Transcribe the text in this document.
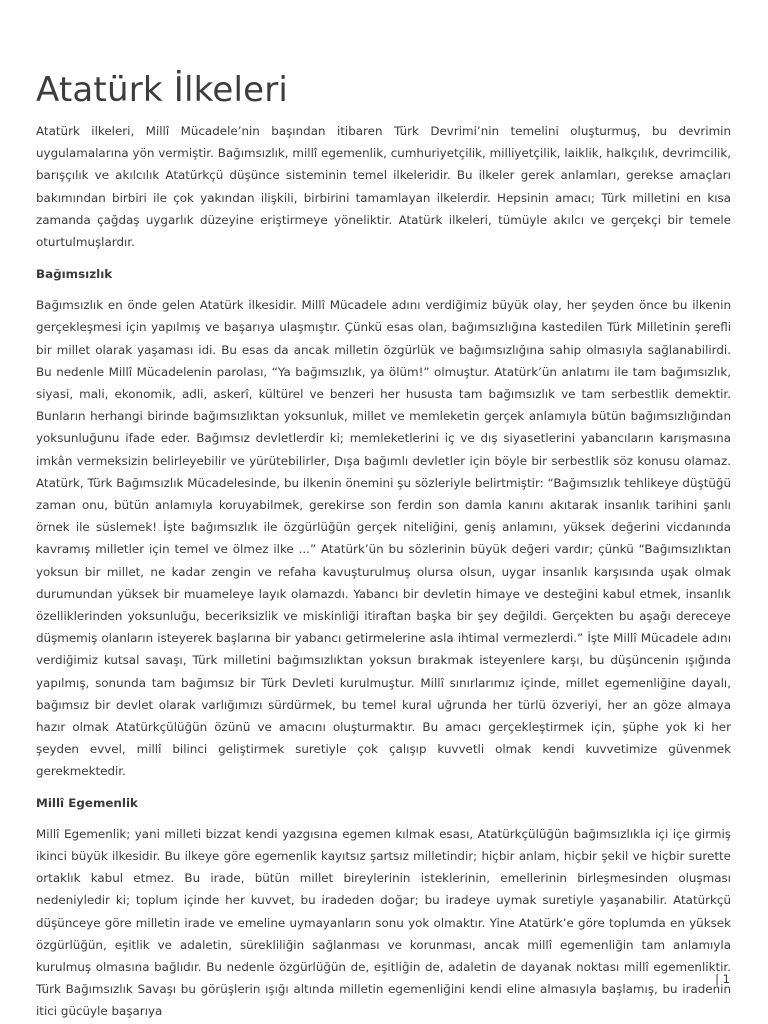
Atatürk İlkeleri

Atatürk ilkeleri, Millî Mücadele’nin başından itibaren Türk Devrimi’nin temelini oluşturmuş, bu devrimin uygulamalarına yön vermiştir. Bağımsızlık, millî egemenlik, cumhuriyetçilik, milliyetçilik, laiklik, halkçılık, devrimcilik, barışçılık ve akılcılık Atatürkçü düşünce sisteminin temel ilkeleridir. Bu ilkeler gerek anlamları, gerekse amaçları bakımından birbiri ile çok yakından ilişkili, birbirini tamamlayan ilkelerdir. Hepsinin amacı; Türk milletini en kısa zamanda çağdaş uygarlık düzeyine eriştirmeye yöneliktir. Atatürk ilkeleri, tümüyle akılcı ve gerçekçi bir temele oturtulmuşlardır.

Bağımsızlık

Bağımsızlık en önde gelen Atatürk ilkesidir. Millî Mücadele adını verdiğimiz büyük olay, her şeyden önce bu ilkenin gerçekleşmesi için yapılmış ve başarıya ulaşmıştır. Çünkü esas olan, bağımsızlığına kastedilen Türk Milletinin şerefli bir millet olarak yaşaması idi. Bu esas da ancak milletin özgürlük ve bağımsızlığına sahip olmasıyla sağlanabilirdi. Bu nedenle Millî Mücadelenin parolası, “Ya bağımsızlık, ya ölüm!” olmuştur. Atatürk’ün anlatımı ile tam bağımsızlık, siyasi, mali, ekonomik, adli, askerî, kültürel ve benzeri her hususta tam bağımsızlık ve tam serbestlik demektir. Bunların herhangi birinde bağımsızlıktan yoksunluk, millet ve memleketin gerçek anlamıyla bütün bağımsızlığından yoksunluğunu ifade eder. Bağımsız devletlerdir ki; memleketlerini iç ve dış siyasetlerini yabancıların karışmasına imkân vermeksizin belirleyebilir ve yürütebilirler, Dışa bağımlı devletler için böyle bir serbestlik söz konusu olamaz. Atatürk, Türk Bağımsızlık Mücadelesinde, bu ilkenin önemini şu sözleriyle belirtmiştir: “Bağımsızlık tehlikeye düştüğü zaman onu, bütün anlamıyla koruyabilmek, gerekirse son ferdin son damla kanını akıtarak insanlık tarihini şanlı örnek ile süslemek! İşte bağımsızlık ile özgürlüğün gerçek niteliğini, geniş anlamını, yüksek değerini vicdanında kavramış milletler için temel ve ölmez ilke ...” Atatürk’ün bu sözlerinin büyük değeri vardır; çünkü “Bağımsızlıktan yoksun bir millet, ne kadar zengin ve refaha kavuşturulmuş olursa olsun, uygar insanlık karşısında uşak olmak durumundan yüksek bir muameleye layık olamazdı. Yabancı bir devletin himaye ve desteğini kabul etmek, insanlık özelliklerinden yoksunluğu, beceriksizlik ve miskinliği itiraftan başka bir şey değildi. Gerçekten bu aşağı dereceye düşmemiş olanların isteyerek başlarına bir yabancı getirmelerine asla ihtimal vermezlerdi.” İşte Millî Mücadele adını verdiğimiz kutsal savaşı, Türk milletini bağımsızlıktan yoksun bırakmak isteyenlere karşı, bu düşüncenin ışığında yapılmış, sonunda tam bağımsız bir Türk Devleti kurulmuştur. Millî sınırlarımız içinde, millet egemenliğine dayalı, bağımsız bir devlet olarak varlığımızı sürdürmek, bu temel kural uğrunda her türlü özveriyi, her an göze almaya hazır olmak Atatürkçülüğün özünü ve amacını oluşturmaktır. Bu amacı gerçekleştirmek için, şüphe yok ki her şeyden evvel, millî bilinci geliştirmek suretiyle çok çalışıp kuvvetli olmak kendi kuvvetimize güvenmek gerekmektedir.

Millî Egemenlik

Millî Egemenlik; yani milleti bizzat kendi yazgısına egemen kılmak esası, Atatürkçülüğün bağımsızlıkla içi içe girmiş ikinci büyük ilkesidir. Bu ilkeye göre egemenlik kayıtsız şartsız milletindir; hiçbir anlam, hiçbir şekil ve hiçbir surette ortaklık kabul etmez. Bu irade, bütün millet bireylerinin isteklerinin, emellerinin birleşmesinden oluşması nedeniyledir ki; toplum içinde her kuvvet, bu iradeden doğar; bu iradeye uymak suretiyle yaşanabilir. Atatürkçü düşünceye göre milletin irade ve emeline uymayanların sonu yok olmaktır. Yine Atatürk’e göre toplumda en yüksek özgürlüğün, eşitlik ve adaletin, sürekliliğin sağlanması ve korunması, ancak millî egemenliğin tam anlamıyla kurulmuş olmasına bağlıdır. Bu nedenle özgürlüğün de, eşitliğin de, adaletin de dayanak noktası millî egemenliktir. Türk Bağımsızlık Savaşı bu görüşlerin ışığı altında milletin egemenliğini kendi eline almasıyla başlamış, bu iradenin itici gücüyle başarıya

| 1
